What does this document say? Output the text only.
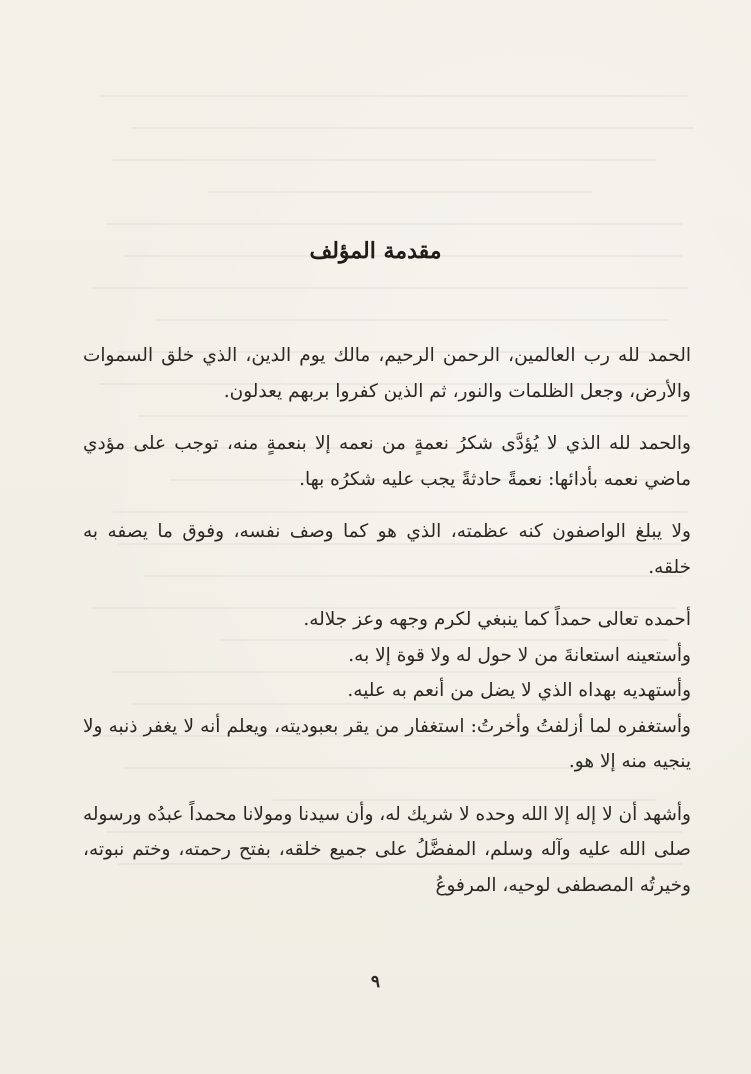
مقدمة المؤلف

الحمد لله رب العالمين، الرحمن الرحيم، مالك يوم الدين، الذي خلق السموات والأرض، وجعل الظلمات والنور، ثم الذين كفروا بربهم يعدلون.

والحمد لله الذي لا يُؤدَّى شكرُ نعمةٍ من نعمه إلا بنعمةٍ منه، توجب على مؤدي ماضي نعمه بأدائها: نعمةً حادثةً يجب عليه شكرُه بها.

ولا يبلغ الواصفون كنه عظمته، الذي هو كما وصف نفسه، وفوق ما يصفه به خلقه.

أحمده تعالى حمداً كما ينبغي لكرم وجهه وعز جلاله.

وأستعينه استعانةَ من لا حول له ولا قوة إلا به.

وأستهديه بهداه الذي لا يضل من أنعم به عليه.

وأستغفره لما أزلفتُ وأخرتُ: استغفار من يقر بعبوديته، ويعلم أنه لا يغفر ذنبه ولا ينجيه منه إلا هو.

وأشهد أن لا إله إلا الله وحده لا شريك له، وأن سيدنا ومولانا محمداً عبدُه ورسوله صلى الله عليه وآله وسلم، المفضَّلُ على جميع خلقه، بفتح رحمته، وختم نبوته، وخيرتُه المصطفى لوحيه، المرفوعُ

٩
